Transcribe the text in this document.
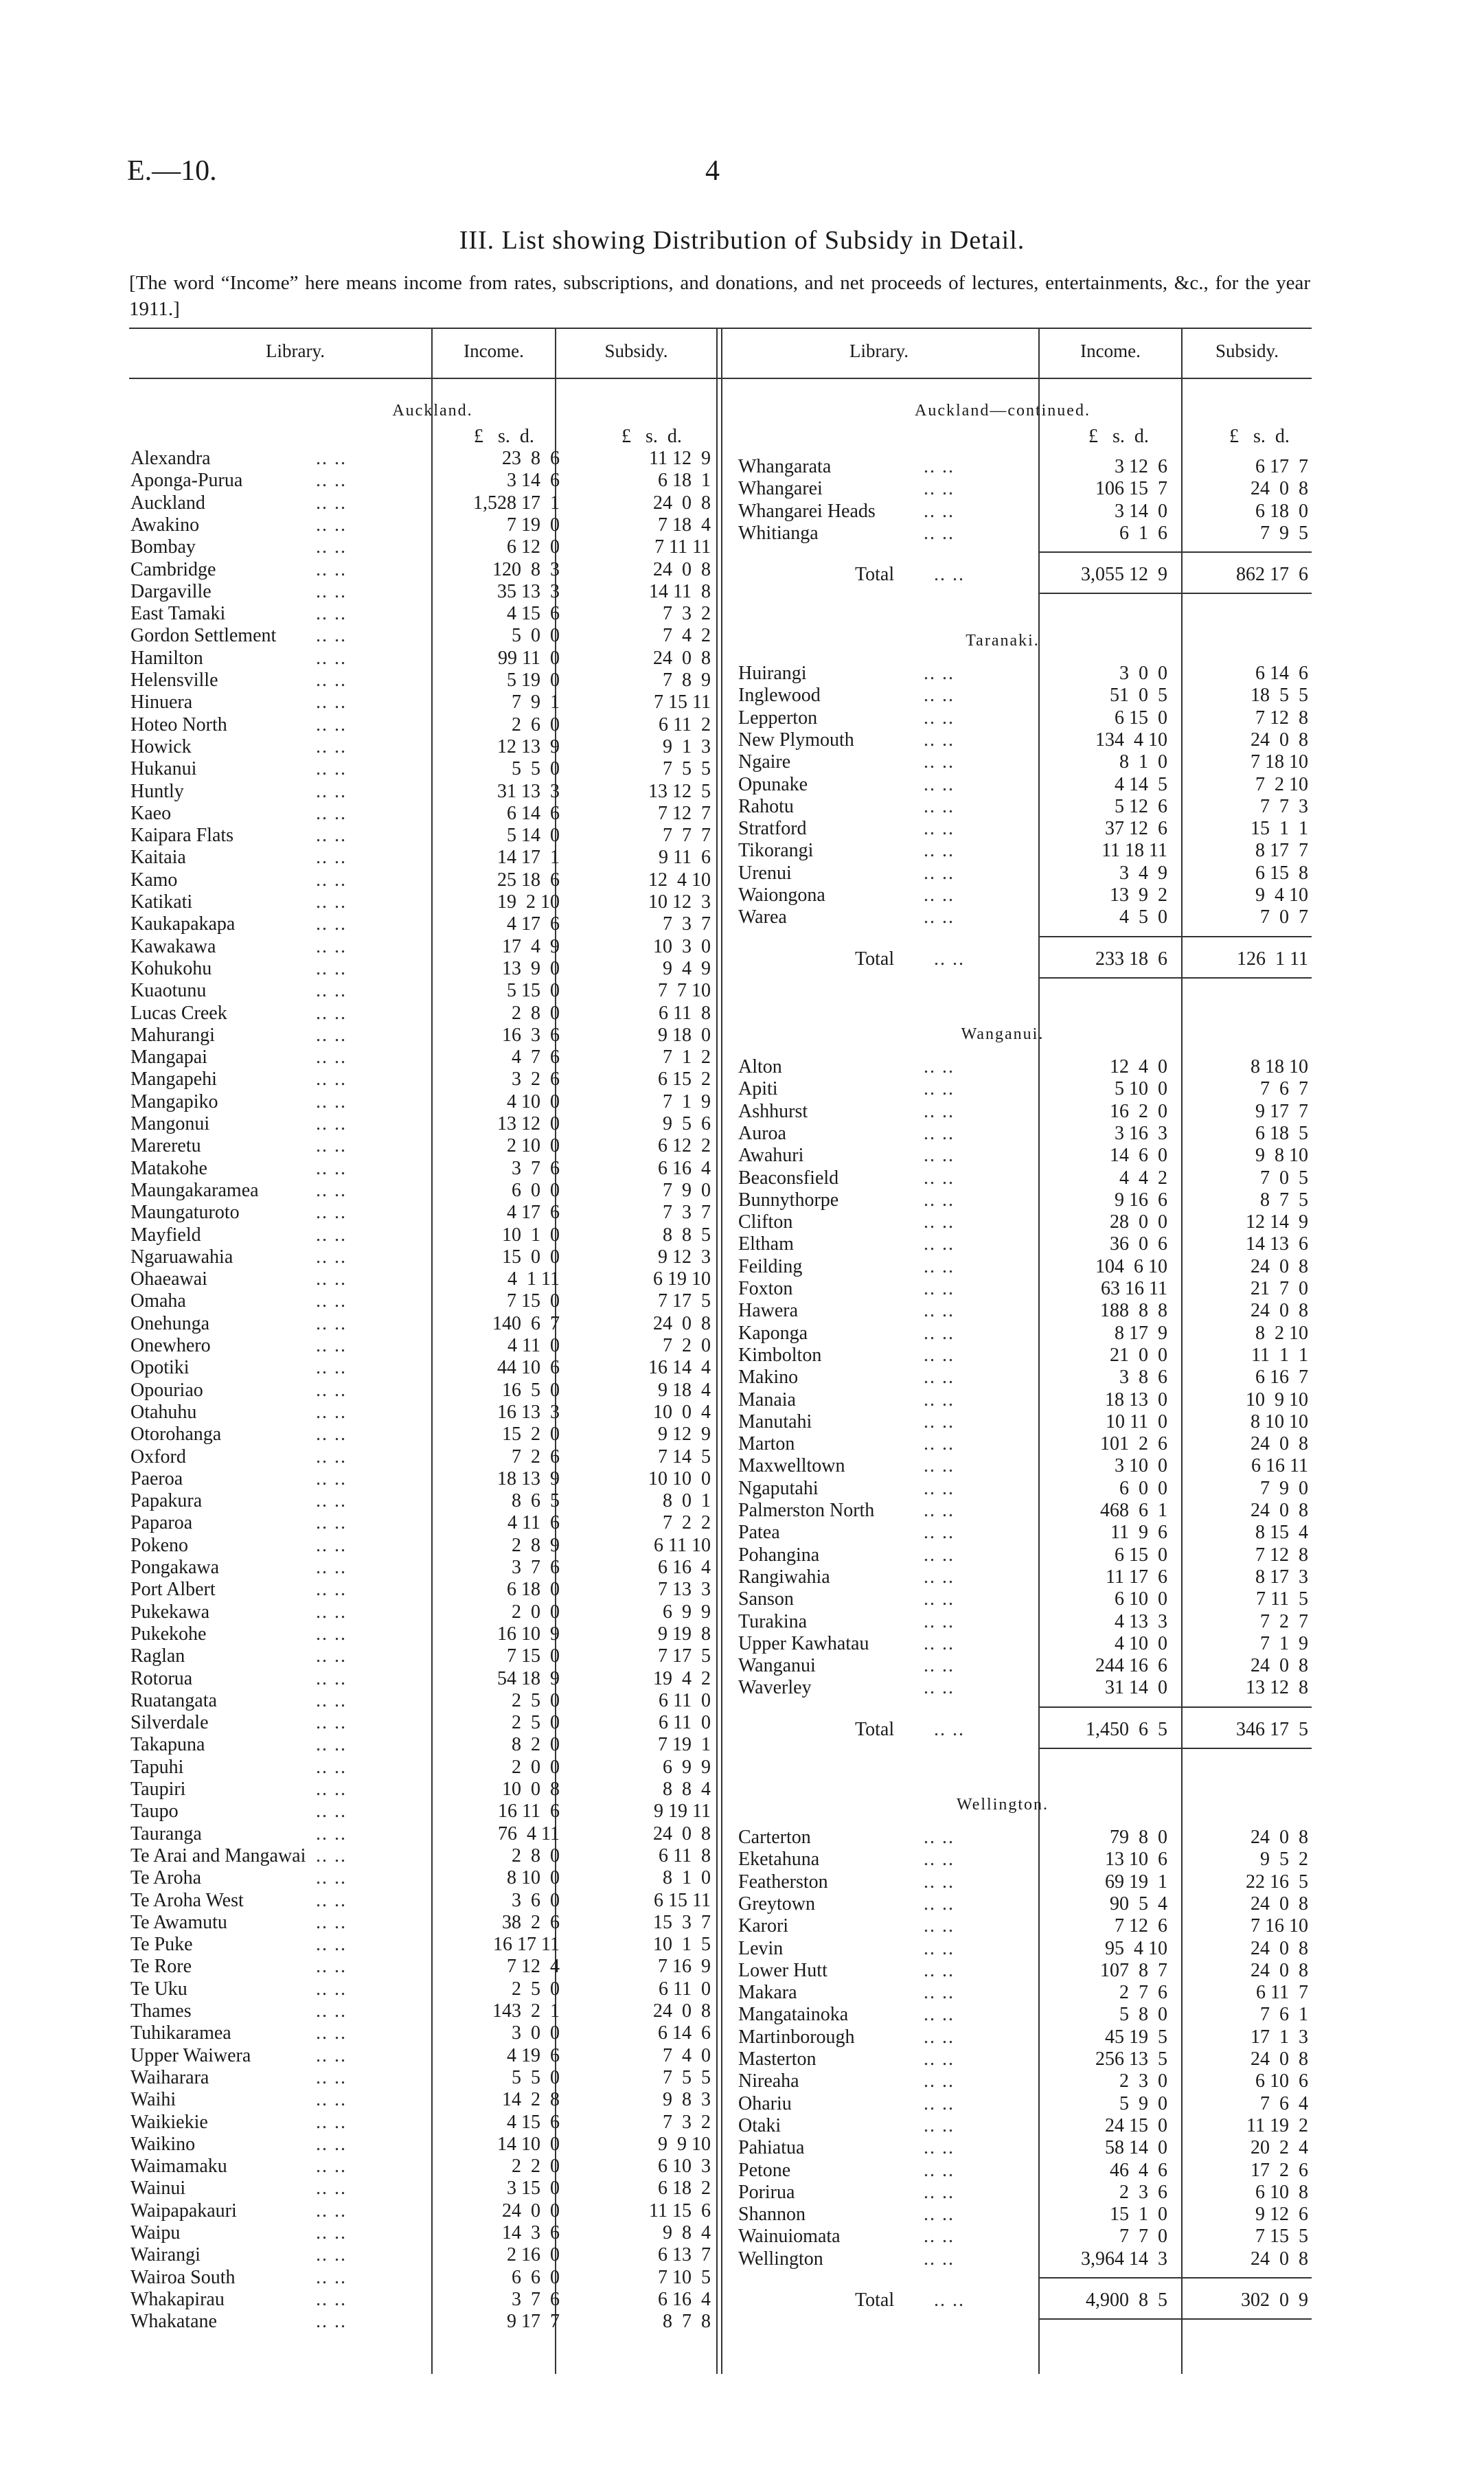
E.—10.	4
III. List showing Distribution of Subsidy in Detail.
[The word “Income” here means income from rates, subscriptions, and donations, and net proceeds of lectures, entertainments, &c., for the year 1911.]
Library.	Income.	Subsidy.	Library.	Income.	Subsidy.
Auckland.
£   s.  d.	£   s.  d.
Alexandra	.. ..	23  8  6	11 12  9
Aponga-Purua	.. ..	3 14  6	6 18  1
Auckland	.. ..	1,528 17  1	24  0  8
Awakino	.. ..	7 19  0	7 18  4
Bombay	.. ..	6 12  0	7 11 11
Cambridge	.. ..	120  8  3	24  0  8
Dargaville	.. ..	35 13  3	14 11  8
East Tamaki	.. ..	4 15  6	7  3  2
Gordon Settlement .. ..	5  0  0	7  4  2
Hamilton	.. ..	99 11  0	24  0  8
Helensville	.. ..	5 19  0	7  8  9
Hinuera	.. ..	7  9  1	7 15 11
Hoteo North	.. ..	2  6  0	6 11  2
Howick	.. ..	12 13  9	9  1  3
Hukanui	.. ..	5  5  0	7  5  5
Huntly	.. ..	31 13  3	13 12  5
Kaeo	.. ..	6 14  6	7 12  7
Kaipara Flats	.. ..	5 14  0	7  7  7
Kaitaia	.. ..	14 17  1	9 11  6
Kamo	.. ..	25 18  6	12  4 10
Katikati	.. ..	19  2 10	10 12  3
Kaukapakapa	.. ..	4 17  6	7  3  7
Kawakawa	.. ..	17  4  9	10  3  0
Kohukohu	.. ..	13  9  0	9  4  9
Kuaotunu	.. ..	5 15  0	7  7 10
Lucas Creek	.. ..	2  8  0	6 11  8
Mahurangi	.. ..	16  3  6	9 18  0
Mangapai	.. ..	4  7  6	7  1  2
Mangapehi	.. ..	3  2  6	6 15  2
Mangapiko	.. ..	4 10  0	7  1  9
Mangonui	.. ..	13 12  0	9  5  6
Mareretu	.. ..	2 10  0	6 12  2
Matakohe	.. ..	3  7  6	6 16  4
Maungakaramea	.. ..	6  0  0	7  9  0
Maungaturoto	.. ..	4 17  6	7  3  7
Mayfield	.. ..	10  1  0	8  8  5
Ngaruawahia	.. ..	15  0  0	9 12  3
Ohaeawai	.. ..	4  1 11	6 19 10
Omaha	.. ..	7 15  0	7 17  5
Onehunga	.. ..	140  6  7	24  0  8
Onewhero	.. ..	4 11  0	7  2  0
Opotiki	.. ..	44 10  6	16 14  4
Opouriao	.. ..	16  5  0	9 18  4
Otahuhu	.. ..	16 13  3	10  0  4
Otorohanga	.. ..	15  2  0	9 12  9
Oxford	.. ..	7  2  6	7 14  5
Paeroa	.. ..	18 13  9	10 10  0
Papakura	.. ..	8  6  5	8  0  1
Paparoa	.. ..	4 11  6	7  2  2
Pokeno	.. ..	2  8  9	6 11 10
Pongakawa	.. ..	3  7  6	6 16  4
Port Albert	.. ..	6 18  0	7 13  3
Pukekawa	.. ..	2  0  0	6  9  9
Pukekohe	.. ..	16 10  9	9 19  8
Raglan	.. ..	7 15  0	7 17  5
Rotorua	.. ..	54 18  9	19  4  2
Ruatangata	.. ..	2  5  0	6 11  0
Silverdale	.. ..	2  5  0	6 11  0
Takapuna	.. ..	8  2  0	7 19  1
Tapuhi	.. ..	2  0  0	6  9  9
Taupiri	.. ..	10  0  8	8  8  4
Taupo	.. ..	16 11  6	9 19 11
Tauranga	.. ..	76  4 11	24  0  8
Te Arai and Mangawai .. ..	2  8  0	6 11  8
Te Aroha	.. ..	8 10  0	8  1  0
Te Aroha West	.. ..	3  6  0	6 15 11
Te Awamutu	.. ..	38  2  6	15  3  7
Te Puke	.. ..	16 17 11	10  1  5
Te Rore	.. ..	7 12  4	7 16  9
Te Uku	.. ..	2  5  0	6 11  0
Thames	.. ..	143  2  1	24  0  8
Tuhikaramea	.. ..	3  0  0	6 14  6
Upper Waiwera	.. ..	4 19  6	7  4  0
Waiharara	.. ..	5  5  0	7  5  5
Waihi	.. ..	14  2  8	9  8  3
Waikiekie	.. ..	4 15  6	7  3  2
Waikino	.. ..	14 10  0	9  9 10
Waimamaku	.. ..	2  2  0	6 10  3
Wainui	.. ..	3 15  0	6 18  2
Waipapakauri	.. ..	24  0  0	11 15  6
Waipu	.. ..	14  3  6	9  8  4
Wairangi	.. ..	2 16  0	6 13  7
Wairoa South	.. ..	6  6  0	7 10  5
Whakapirau	.. ..	3  7  6	6 16  4
Whakatane	.. ..	9 17  7	8  7  8
Auckland—continued.
£   s.  d.	£   s.  d.
Whangarata	.. ..	3 12  6	6 17  7
Whangarei	.. ..	106 15  7	24  0  8
Whangarei Heads	.. ..	3 14  0	6 18  0
Whitianga	.. ..	6  1  6	7  9  5
Total .. ..	3,055 12  9	862 17  6
Taranaki.
Huirangi	.. ..	3  0  0	6 14  6
Inglewood	.. ..	51  0  5	18  5  5
Lepperton	.. ..	6 15  0	7 12  8
New Plymouth	.. ..	134  4 10	24  0  8
Ngaire	.. ..	8  1  0	7 18 10
Opunake	.. ..	4 14  5	7  2 10
Rahotu	.. ..	5 12  6	7  7  3
Stratford	.. ..	37 12  6	15  1  1
Tikorangi	.. ..	11 18 11	8 17  7
Urenui	.. ..	3  4  9	6 15  8
Waiongona	.. ..	13  9  2	9  4 10
Warea	.. ..	4  5  0	7  0  7
Total .. ..	233 18  6	126  1 11
Wanganui.
Alton	.. ..	12  4  0	8 18 10
Apiti	.. ..	5 10  0	7  6  7
Ashhurst	.. ..	16  2  0	9 17  7
Auroa	.. ..	3 16  3	6 18  5
Awahuri	.. ..	14  6  0	9  8 10
Beaconsfield	.. ..	4  4  2	7  0  5
Bunnythorpe	.. ..	9 16  6	8  7  5
Clifton	.. ..	28  0  0	12 14  9
Eltham	.. ..	36  0  6	14 13  6
Feilding	.. ..	104  6 10	24  0  8
Foxton	.. ..	63 16 11	21  7  0
Hawera	.. ..	188  8  8	24  0  8
Kaponga	.. ..	8 17  9	8  2 10
Kimbolton	.. ..	21  0  0	11  1  1
Makino	.. ..	3  8  6	6 16  7
Manaia	.. ..	18 13  0	10  9 10
Manutahi	.. ..	10 11  0	8 10 10
Marton	.. ..	101  2  6	24  0  8
Maxwelltown	.. ..	3 10  0	6 16 11
Ngaputahi	.. ..	6  0  0	7  9  0
Palmerston North	.. ..	468  6  1	24  0  8
Patea	.. ..	11  9  6	8 15  4
Pohangina	.. ..	6 15  0	7 12  8
Rangiwahia	.. ..	11 17  6	8 17  3
Sanson	.. ..	6 10  0	7 11  5
Turakina	.. ..	4 13  3	7  2  7
Upper Kawhatau	.. ..	4 10  0	7  1  9
Wanganui	.. ..	244 16  6	24  0  8
Waverley	.. ..	31 14  0	13 12  8
Total .. ..	1,450  6  5	346 17  5
Wellington.
Carterton	.. ..	79  8  0	24  0  8
Eketahuna	.. ..	13 10  6	9  5  2
Featherston	.. ..	69 19  1	22 16  5
Greytown	.. ..	90  5  4	24  0  8
Karori	.. ..	7 12  6	7 16 10
Levin	.. ..	95  4 10	24  0  8
Lower Hutt	.. ..	107  8  7	24  0  8
Makara	.. ..	2  7  6	6 11  7
Mangatainoka	.. ..	5  8  0	7  6  1
Martinborough	.. ..	45 19  5	17  1  3
Masterton	.. ..	256 13  5	24  0  8
Nireaha	.. ..	2  3  0	6 10  6
Ohariu	.. ..	5  9  0	7  6  4
Otaki	.. ..	24 15  0	11 19  2
Pahiatua	.. ..	58 14  0	20  2  4
Petone	.. ..	46  4  6	17  2  6
Porirua	.. ..	2  3  6	6 10  8
Shannon	.. ..	15  1  0	9 12  6
Wainuiomata	.. ..	7  7  0	7 15  5
Wellington	.. ..	3,964 14  3	24  0  8
Total .. ..	4,900  8  5	302  0  9
